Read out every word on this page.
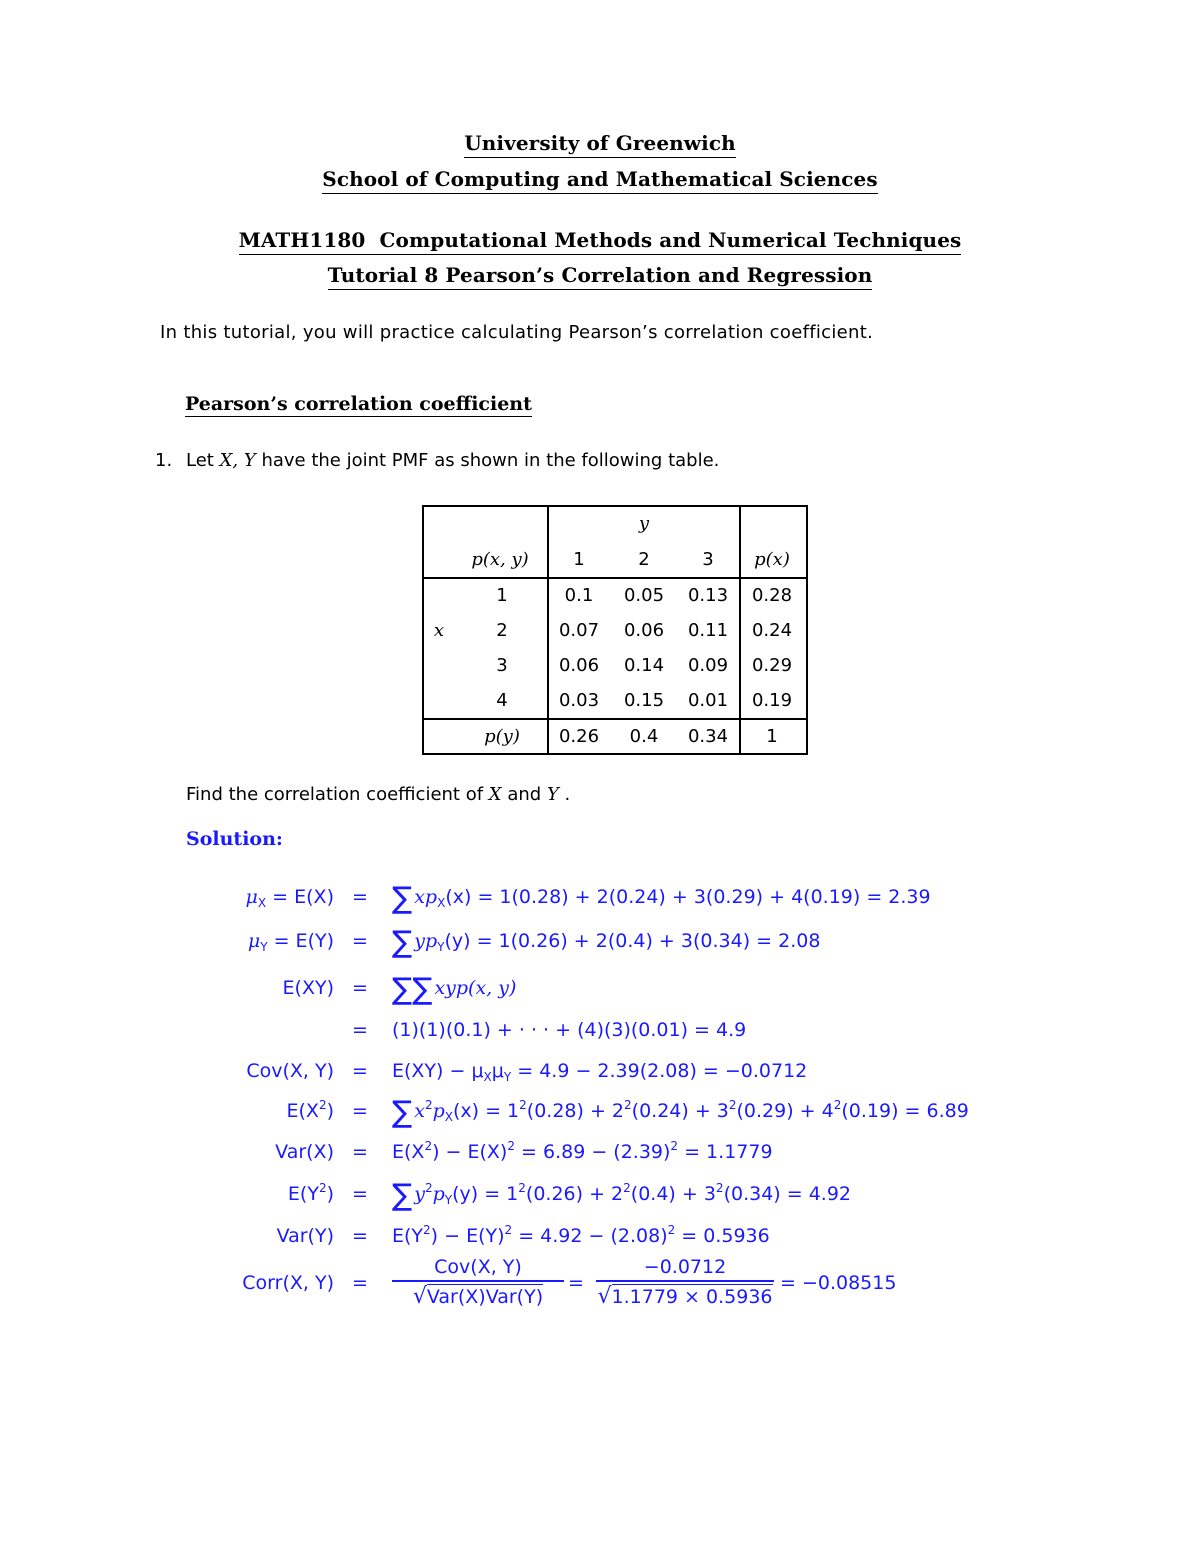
University of Greenwich
School of Computing and Mathematical Sciences
MATH1180  Computational Methods and Numerical Techniques
Tutorial 8 Pearson’s Correlation and Regression
In this tutorial, you will practice calculating Pearson’s correlation coefficient.
Pearson’s correlation coefficient
1. Let X, Y have the joint PMF as shown in the following table.
y
p(x, y)	1	2	3	p(x)
x
1	0.1	0.05	0.13	0.28
2	0.07	0.06	0.11	0.24
3	0.06	0.14	0.09	0.29
4	0.03	0.15	0.01	0.19
p(y)	0.26	0.4	0.34	1
Find the correlation coefficient of X and Y .
Solution:
$\mu_X = E(X)$ = ∑ $xp_X(x) = 1(0.28) + 2(0.24) + 3(0.29) + 4(0.19) = 2.39$
$\mu_Y = E(Y)$ = ∑ $yp_Y(y) = 1(0.26) + 2(0.4) + 3(0.34) = 2.08$
E(XY) = ∑∑ xyp(x, y)
= (1)(1)(0.1) + · · · + (4)(3)(0.01) = 4.9
Cov(X, $Y) = E(XY) - \mu_X\mu_Y = 4.9 - 2.39(2.08) = -0.0712$
$E(X^2)$ = ∑ $x^2p_X(x) = 1^2(0.28) + 2^2(0.24) + 3^2(0.29) + 4^2(0.19) = 6.89$
$Var(X) = E(X^2) - E(X)^2 = 6.89 - (2.39)^2 = 1.1779$
$E(Y^2)$ = ∑ $y^2p_Y(y) = 1^2(0.26) + 2^2(0.4) + 3^2(0.34) = 4.92$
$Var(Y) = E(Y^2) - E(Y)^2 = 4.92 - (2.08)^2 = 0.5936$
Corr(X, Y) =
Cov(X, Y)
√Var(X)Var(Y)
=
−0.0712
√1.1779 × 0.5936
= −0.08515
